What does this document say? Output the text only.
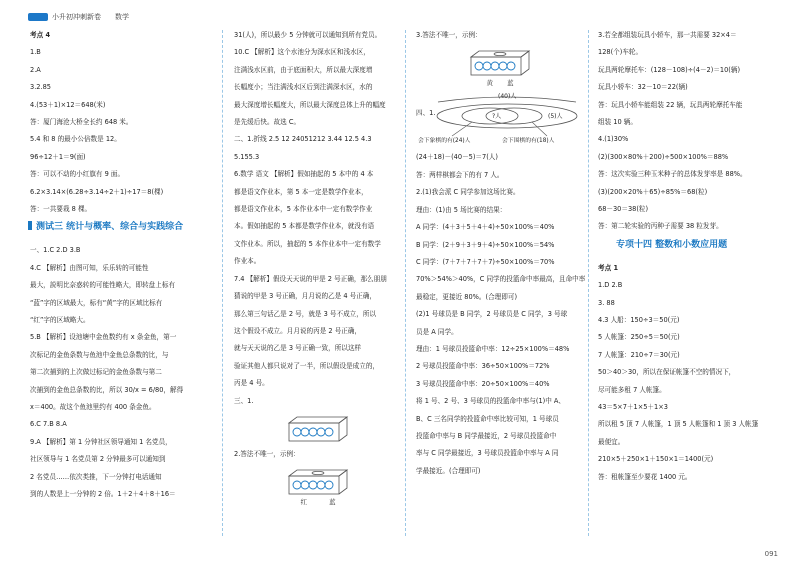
小升初冲刺新卷 数学
考点 4
1.B
2.A
3.2.85
4.(53＋1)×12＝648(米)
答：厦门海沧大桥全长约 648 米。
5.4 和 8 的最小公倍数是 12。
96÷12＋1＝9(面)
答：可以不动的小红旗有 9 面。
6.2×3.14×(6.28÷3.14÷2＋1)÷17＝8(棵)
答：一共要栽 8 棵。
测试三 统计与概率、综合与实践综合
一、1.C 2.D 3.B
4.C 【解析】由图可知，乐乐转的可能性
最大，説明比奈惑转的可能性略大，即转盘上标有
“蓝”字的区域最大，标有“黄”字的区域比标有
“红”字的区域略大。
5.B 【解析】设池塘中金鱼数约有 x 条金鱼，第一
次标记的金鱼条数与鱼池中金鱼总条数的比，与
第二次捕到的上次做过标记的金鱼条数与第二
次捕到的金鱼总条数的比，所以 30/x = 6/80，解得
x＝400。故这个鱼池里约有 400 条金鱼。
6.C 7.B 8.A
9.A 【解析】第 1 分钟社区领导通知 1 名党员，
社区领导与 1 名党员第 2 分钟最多可以通知到
2 名党员……依次类推，下一分钟打电话通知
到的人数是上一分钟的 2 倍。1＋2＋4＋8＋16＝
31(人)，所以最少 5 分钟就可以通知到所有党员。
10.C 【解析】这个水池分为深水区和浅水区，
注满浅水区前，由于底面积大，所以最大深度增
长幅度小；当注满浅水区后到注满深水区，水的
最大深度增长幅度大，所以最大深度总体上升的幅度
是先缓后快。故选 C。
二、1.折线 2.5 12 24051212 3.44 12.5 4.3
5.155.3
6.数学 语文 【解析】假如抽起的 5 本中的 4 本
都是语文作业本，第 5 本一定是数学作业本，
都是语文作业本，5 本作业本中一定有数学作业
本。假如抽起的 5 本都是数学作业本，就没有语
文作业本。所以，抽起的 5 本作业本中一定有数学
作业本。
7.4 【解析】假设天天说的甲是 2 号正确，那么朋朋
猜说的甲是 3 号正确，月月说的乙是 4 号正确，
那么第三句话乙是 2 号，就是 3 号不成立，所以
这个假设不成立。月月说的丙是 2 号正确，
就与天天说的乙是 3 号正确一致，所以这样
验证其他人都只说对了一半，所以假设是成立的，
丙是 4 号。
三、1.
2.答法不唯一，示例：
红	蓝
3.答法不唯一，示例：
黄 蓝
四、1.
(40)人
?人	(5)人
会下象棋的有(24)人	会下围棋的有(18)人
(24＋18)－(40－5)＝7(人)
答：两样棋都会下的有 7 人。
2.(1)我会派 C 同学参加这场比赛。
理由：(1)由 5 场比赛的结果：
A 同学：(4＋3＋5＋4＋4)÷50×100%＝40%
B 同学：(2＋9＋3＋9＋4)÷50×100%＝54%
C 同学：(7＋7＋7＋7＋7)÷50×100%＝70%
70%＞54%＞40%，C 同学的投篮命中率最高，且命中率
最稳定，更接近 80%。(合理即可)
(2)1 号球员是 B 同学，2 号球员是 C 同学，3 号球
员是 A 同学。
理由：1 号球员投篮命中率：12÷25×100%＝48%
2 号球员投篮命中率：36÷50×100%＝72%
3 号球员投篮命中率：20÷50×100%＝40%
将 1 号、2 号、3 号球员的投篮命中率与(1)中 A、
B、C 三名同学的投篮命中率比较可知，1 号球员
投篮命中率与 B 同学最接近，2 号球员投篮命中
率与 C 同学最接近，3 号球员投篮命中率与 A 同
学最接近。(合理即可)
3.若全都组装玩具小轿车，那一共需要 32×4＝
128(个)车轮。
玩具两轮摩托车：(128－108)÷(4－2)＝10(辆)
玩具小轿车：32－10＝22(辆)
答：玩具小轿车能组装 22 辆，玩具两轮摩托车能
组装 10 辆。
4.(1)30%
(2)(300×80%＋200)÷500×100%＝88%
答：这次实验三种玉米种子的总体发芽率是 88%。
(3)(200×20%＋65)÷85%＝68(粒)
68－30＝38(粒)
答：第二轮实验的丙种子需要 38 粒发芽。
专项十四 整数和小数应用题
考点 1
1.D 2.B
3. 88
4.3 人船：150÷3＝50(元)
5 人帐篷：250÷5＝50(元)
7 人帐篷：210÷7＝30(元)
50＞40＞30，所以在保证帐篷不空的情况下，
尽可能多租 7 人帐篷。
43＝5×7＋1×5＋1×3
所以租 5 顶 7 人帐篷，1 顶 5 人帐篷和 1 顶 3 人帐篷
最便宜。
210×5＋250×1＋150×1＝1400(元)
答：租帐篷至少要花 1400 元。
091
